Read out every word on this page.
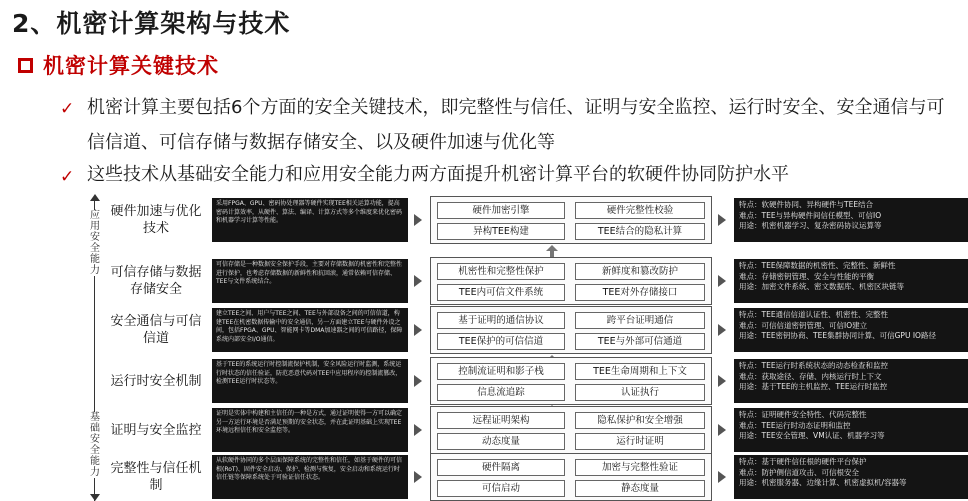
2、机密计算架构与技术
机密计算关键技术
✓ 机密计算主要包括6个方面的安全关键技术，即完整性与信任、证明与安全监控、运行时安全、安全通信与可信信道、可信存储与数据存储安全、以及硬件加速与优化等
✓ 这些技术从基础安全能力和应用安全能力两方面提升机密计算平台的软硬件协同防护水平
应用安全能力
基础安全能力
硬件加速与优化技术
采用FPGA、GPU、密码协处理器等硬件实现TEE相关运算功能，提高密码计算效率，从硬件、算法、编译、计算方式等多个维度来优化密码和机器学习计算等性能。
硬件加密引擎	硬件完整性校验
异构TEE构建	TEE结合的隐私计算
特点：软硬件协同、异构硬件与TEE结合
难点：TEE与异构硬件间信任模型、可信IO
用途：机密机器学习、复杂密码协议运算等
可信存储与数据存储安全
可信存储是一种数据安全保护手段，主要对存储数据的机密性和完整性进行保护，也考虑存储数据的新鲜性和抗回滚，通常依赖可信存储、TEE与文件系统结合。
机密性和完整性保护	新鲜度和篡改防护
TEE内可信文件系统	TEE对外存储接口
特点：TEE保障数据的机密性、完整性、新鲜性
难点：存储密钥管理、安全与性能的平衡
用途：加密文件系统、密文数据库、机密区块链等
安全通信与可信信道
建立TEE之间、用户与TEE之间、TEE与外部设备之间的可信信道，构建TEE在机密数据传输中的安全通信，另一方面建立TEE与硬件外设之间，包括FPGA、GPU、智能网卡等DMA加速器之间的可信路径，保障系统内部安全I/O通信。
基于证明的通信协议	跨平台证明通信
TEE保护的可信信道	TEE与外部可信通道
特点：TEE通信信道认证性、机密性、完整性
难点：可信信道密钥管理、可信IO建立
用途：TEE密钥协商、TEE集群协同计算、可信GPU IO路径
运行时安全机制
基于TEE的系统运行时控制流保护机制，安全风险运行时监测，系统运行时状态的信任验证，防范恶意代码对TEE中应用程序的控制流篡改，检测TEE运行时状态等。
控制流证明和影子栈	TEE生命周期和上下文
信息流追踪	认证执行
特点：TEE运行时系统状态的动态检查和监控
难点：获取途径、存储、内核运行时上下文
用途：基于TEE的主机监控、TEE运行时监控
证明与安全监控
证明是实体中构建和主信任的一种是方式，通过证明使得一方可以确定另一方运行环境是否满足预期的安全状态，并在此证明基础上实现TEE环境远程信任和安全监控等。
远程证明架构	隐私保护和安全增强
动态度量	运行时证明
特点：证明硬件安全特性、代码完整性
难点：TEE运行时动态证明和监控
用途：TEE安全管理、VM认证、机器学习等
完整性与信任机制
从软硬件协同的多个层面保障系统的完整性和信任，如基于硬件的可信根(RoT)、固件安全启动、保护、检测与恢复，安全启动和系统运行时信任链等保障系统处于可验证信任状态。
硬件隔离	加密与完整性验证
可信启动	静态度量
特点：基于硬件信任根的硬件平台保护
难点：防护侧信道攻击、可信根安全
用途：机密服务器、边缘计算、机密虚拟机/容器等
